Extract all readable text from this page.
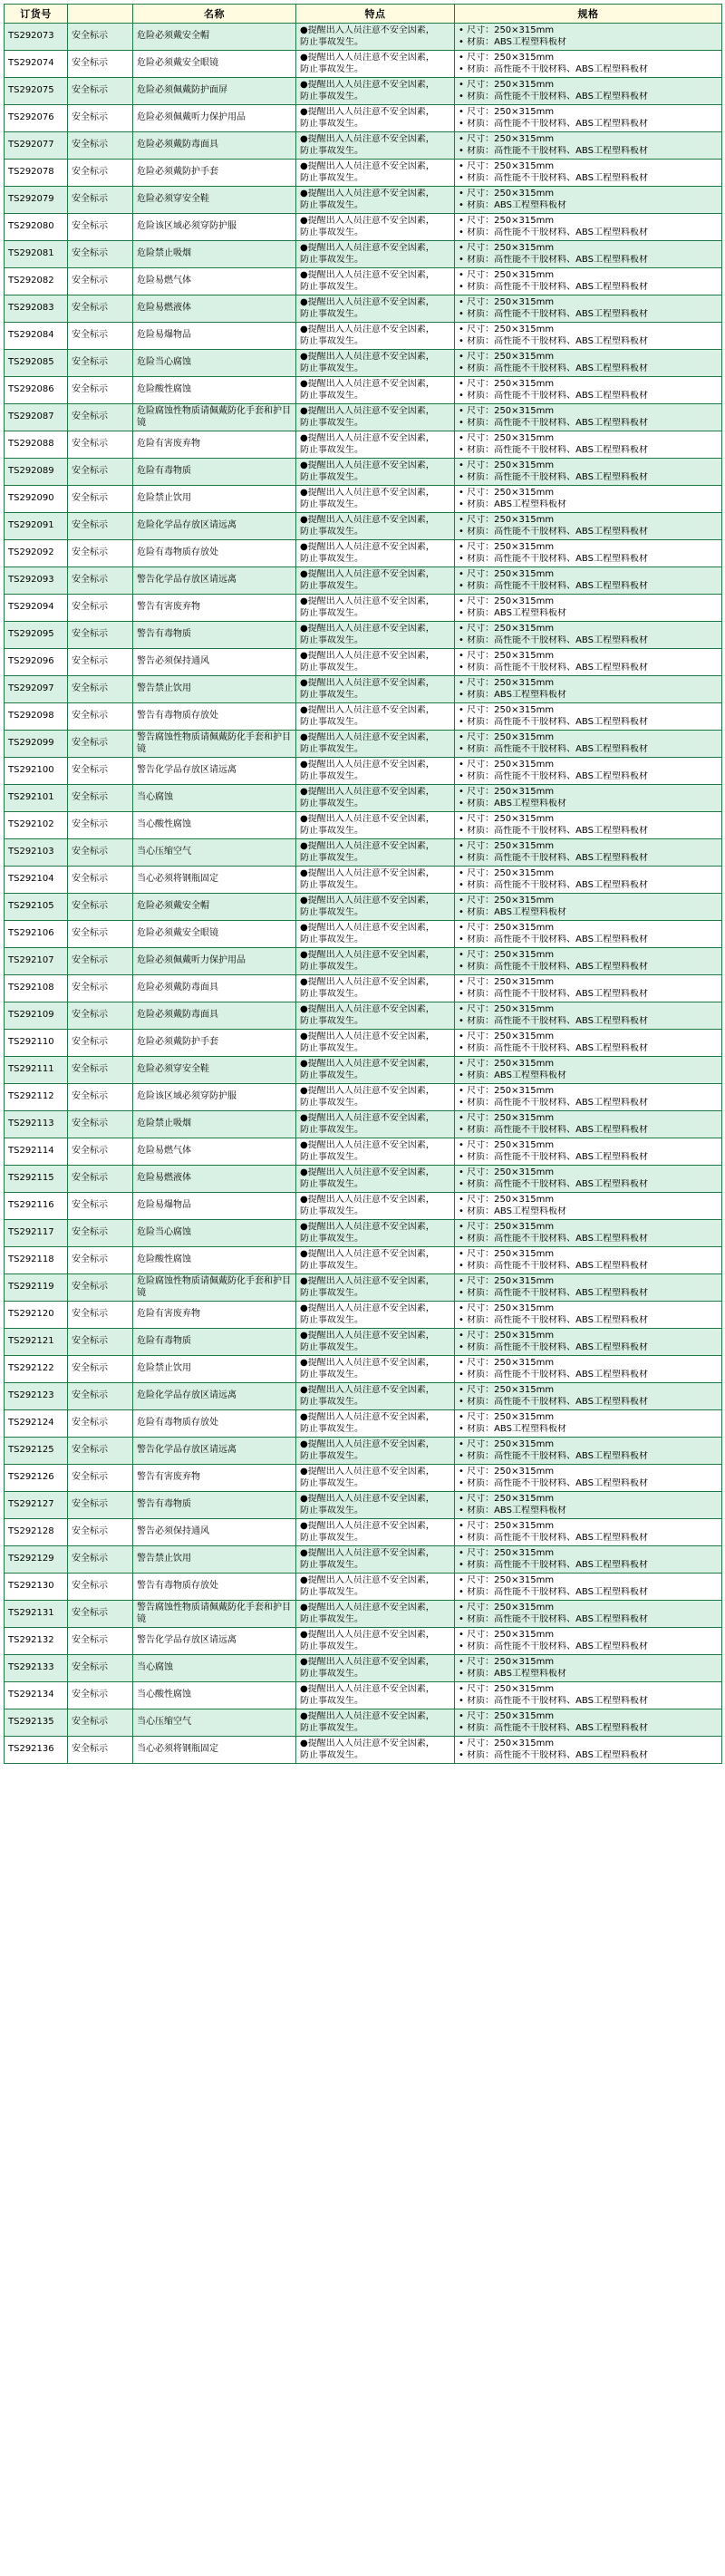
订货号		名称	特点	规格
TS292073	安全标示	危险必须戴安全帽	●提醒出入人员注意不安全因素，
防止事故发生。	• 尺寸：250×315mm
• 材质：ABS工程塑料板材

TS292074	安全标示	危险必须戴安全眼镜	●提醒出入人员注意不安全因素，
防止事故发生。	• 尺寸：250×315mm
• 材质：高性能不干胶材料、ABS工程塑料板材

TS292075	安全标示	危险必须佩戴防护面屏	●提醒出入人员注意不安全因素，
防止事故发生。	• 尺寸：250×315mm
• 材质：高性能不干胶材料、ABS工程塑料板材

TS292076	安全标示	危险必须佩戴听力保护用品	●提醒出入人员注意不安全因素，
防止事故发生。	• 尺寸：250×315mm
• 材质：高性能不干胶材料、ABS工程塑料板材

TS292077	安全标示	危险必须戴防毒面具	●提醒出入人员注意不安全因素，
防止事故发生。	• 尺寸：250×315mm
• 材质：高性能不干胶材料、ABS工程塑料板材

TS292078	安全标示	危险必须戴防护手套	●提醒出入人员注意不安全因素，
防止事故发生。	• 尺寸：250×315mm
• 材质：高性能不干胶材料、ABS工程塑料板材

TS292079	安全标示	危险必须穿安全鞋	●提醒出入人员注意不安全因素，
防止事故发生。	• 尺寸：250×315mm
• 材质：ABS工程塑料板材

TS292080	安全标示	危险该区域必须穿防护服	●提醒出入人员注意不安全因素，
防止事故发生。	• 尺寸：250×315mm
• 材质：高性能不干胶材料、ABS工程塑料板材

TS292081	安全标示	危险禁止吸烟	●提醒出入人员注意不安全因素，
防止事故发生。	• 尺寸：250×315mm
• 材质：高性能不干胶材料、ABS工程塑料板材

TS292082	安全标示	危险易燃气体	●提醒出入人员注意不安全因素，
防止事故发生。	• 尺寸：250×315mm
• 材质：高性能不干胶材料、ABS工程塑料板材

TS292083	安全标示	危险易燃液体	●提醒出入人员注意不安全因素，
防止事故发生。	• 尺寸：250×315mm
• 材质：高性能不干胶材料、ABS工程塑料板材

TS292084	安全标示	危险易爆物品	●提醒出入人员注意不安全因素，
防止事故发生。	• 尺寸：250×315mm
• 材质：高性能不干胶材料、ABS工程塑料板材

TS292085	安全标示	危险当心腐蚀	●提醒出入人员注意不安全因素，
防止事故发生。	• 尺寸：250×315mm
• 材质：高性能不干胶材料、ABS工程塑料板材

TS292086	安全标示	危险酸性腐蚀	●提醒出入人员注意不安全因素，
防止事故发生。	• 尺寸：250×315mm
• 材质：高性能不干胶材料、ABS工程塑料板材

TS292087	安全标示	危险腐蚀性物质请佩戴防化手套和护目镜	●提醒出入人员注意不安全因素，
防止事故发生。	• 尺寸：250×315mm
• 材质：高性能不干胶材料、ABS工程塑料板材

TS292088	安全标示	危险有害废弃物	●提醒出入人员注意不安全因素，
防止事故发生。	• 尺寸：250×315mm
• 材质：高性能不干胶材料、ABS工程塑料板材

TS292089	安全标示	危险有毒物质	●提醒出入人员注意不安全因素，
防止事故发生。	• 尺寸：250×315mm
• 材质：高性能不干胶材料、ABS工程塑料板材

TS292090	安全标示	危险禁止饮用	●提醒出入人员注意不安全因素，
防止事故发生。	• 尺寸：250×315mm
• 材质：ABS工程塑料板材

TS292091	安全标示	危险化学品存放区请远离	●提醒出入人员注意不安全因素，
防止事故发生。	• 尺寸：250×315mm
• 材质：高性能不干胶材料、ABS工程塑料板材

TS292092	安全标示	危险有毒物质存放处	●提醒出入人员注意不安全因素，
防止事故发生。	• 尺寸：250×315mm
• 材质：高性能不干胶材料、ABS工程塑料板材

TS292093	安全标示	警告化学品存放区请远离	●提醒出入人员注意不安全因素，
防止事故发生。	• 尺寸：250×315mm
• 材质：高性能不干胶材料、ABS工程塑料板材

TS292094	安全标示	警告有害废弃物	●提醒出入人员注意不安全因素，
防止事故发生。	• 尺寸：250×315mm
• 材质：ABS工程塑料板材

TS292095	安全标示	警告有毒物质	●提醒出入人员注意不安全因素，
防止事故发生。	• 尺寸：250×315mm
• 材质：高性能不干胶材料、ABS工程塑料板材

TS292096	安全标示	警告必须保持通风	●提醒出入人员注意不安全因素，
防止事故发生。	• 尺寸：250×315mm
• 材质：高性能不干胶材料、ABS工程塑料板材

TS292097	安全标示	警告禁止饮用	●提醒出入人员注意不安全因素，
防止事故发生。	• 尺寸：250×315mm
• 材质：ABS工程塑料板材

TS292098	安全标示	警告有毒物质存放处	●提醒出入人员注意不安全因素，
防止事故发生。	• 尺寸：250×315mm
• 材质：高性能不干胶材料、ABS工程塑料板材

TS292099	安全标示	警告腐蚀性物质请佩戴防化手套和护目镜	●提醒出入人员注意不安全因素，
防止事故发生。	• 尺寸：250×315mm
• 材质：高性能不干胶材料、ABS工程塑料板材

TS292100	安全标示	警告化学品存放区请远离	●提醒出入人员注意不安全因素，
防止事故发生。	• 尺寸：250×315mm
• 材质：高性能不干胶材料、ABS工程塑料板材

TS292101	安全标示	当心腐蚀	●提醒出入人员注意不安全因素，
防止事故发生。	• 尺寸：250×315mm
• 材质：ABS工程塑料板材

TS292102	安全标示	当心酸性腐蚀	●提醒出入人员注意不安全因素，
防止事故发生。	• 尺寸：250×315mm
• 材质：高性能不干胶材料、ABS工程塑料板材

TS292103	安全标示	当心压缩空气	●提醒出入人员注意不安全因素，
防止事故发生。	• 尺寸：250×315mm
• 材质：高性能不干胶材料、ABS工程塑料板材

TS292104	安全标示	当心必须将钢瓶固定	●提醒出入人员注意不安全因素，
防止事故发生。	• 尺寸：250×315mm
• 材质：高性能不干胶材料、ABS工程塑料板材

TS292105	安全标示	危险必须戴安全帽	●提醒出入人员注意不安全因素，
防止事故发生。	• 尺寸：250×315mm
• 材质：ABS工程塑料板材

TS292106	安全标示	危险必须戴安全眼镜	●提醒出入人员注意不安全因素，
防止事故发生。	• 尺寸：250×315mm
• 材质：高性能不干胶材料、ABS工程塑料板材

TS292107	安全标示	危险必须佩戴听力保护用品	●提醒出入人员注意不安全因素，
防止事故发生。	• 尺寸：250×315mm
• 材质：高性能不干胶材料、ABS工程塑料板材

TS292108	安全标示	危险必须戴防毒面具	●提醒出入人员注意不安全因素，
防止事故发生。	• 尺寸：250×315mm
• 材质：高性能不干胶材料、ABS工程塑料板材

TS292109	安全标示	危险必须戴防毒面具	●提醒出入人员注意不安全因素，
防止事故发生。	• 尺寸：250×315mm
• 材质：高性能不干胶材料、ABS工程塑料板材

TS292110	安全标示	危险必须戴防护手套	●提醒出入人员注意不安全因素，
防止事故发生。	• 尺寸：250×315mm
• 材质：高性能不干胶材料、ABS工程塑料板材

TS292111	安全标示	危险必须穿安全鞋	●提醒出入人员注意不安全因素，
防止事故发生。	• 尺寸：250×315mm
• 材质：ABS工程塑料板材

TS292112	安全标示	危险该区域必须穿防护服	●提醒出入人员注意不安全因素，
防止事故发生。	• 尺寸：250×315mm
• 材质：高性能不干胶材料、ABS工程塑料板材

TS292113	安全标示	危险禁止吸烟	●提醒出入人员注意不安全因素，
防止事故发生。	• 尺寸：250×315mm
• 材质：高性能不干胶材料、ABS工程塑料板材

TS292114	安全标示	危险易燃气体	●提醒出入人员注意不安全因素，
防止事故发生。	• 尺寸：250×315mm
• 材质：高性能不干胶材料、ABS工程塑料板材

TS292115	安全标示	危险易燃液体	●提醒出入人员注意不安全因素，
防止事故发生。	• 尺寸：250×315mm
• 材质：高性能不干胶材料、ABS工程塑料板材

TS292116	安全标示	危险易爆物品	●提醒出入人员注意不安全因素，
防止事故发生。	• 尺寸：250×315mm
• 材质：ABS工程塑料板材

TS292117	安全标示	危险当心腐蚀	●提醒出入人员注意不安全因素，
防止事故发生。	• 尺寸：250×315mm
• 材质：高性能不干胶材料、ABS工程塑料板材

TS292118	安全标示	危险酸性腐蚀	●提醒出入人员注意不安全因素，
防止事故发生。	• 尺寸：250×315mm
• 材质：高性能不干胶材料、ABS工程塑料板材

TS292119	安全标示	危险腐蚀性物质请佩戴防化手套和护目镜	●提醒出入人员注意不安全因素，
防止事故发生。	• 尺寸：250×315mm
• 材质：高性能不干胶材料、ABS工程塑料板材

TS292120	安全标示	危险有害废弃物	●提醒出入人员注意不安全因素，
防止事故发生。	• 尺寸：250×315mm
• 材质：高性能不干胶材料、ABS工程塑料板材

TS292121	安全标示	危险有毒物质	●提醒出入人员注意不安全因素，
防止事故发生。	• 尺寸：250×315mm
• 材质：高性能不干胶材料、ABS工程塑料板材

TS292122	安全标示	危险禁止饮用	●提醒出入人员注意不安全因素，
防止事故发生。	• 尺寸：250×315mm
• 材质：高性能不干胶材料、ABS工程塑料板材

TS292123	安全标示	危险化学品存放区请远离	●提醒出入人员注意不安全因素，
防止事故发生。	• 尺寸：250×315mm
• 材质：高性能不干胶材料、ABS工程塑料板材

TS292124	安全标示	危险有毒物质存放处	●提醒出入人员注意不安全因素，
防止事故发生。	• 尺寸：250×315mm
• 材质：ABS工程塑料板材

TS292125	安全标示	警告化学品存放区请远离	●提醒出入人员注意不安全因素，
防止事故发生。	• 尺寸：250×315mm
• 材质：高性能不干胶材料、ABS工程塑料板材

TS292126	安全标示	警告有害废弃物	●提醒出入人员注意不安全因素，
防止事故发生。	• 尺寸：250×315mm
• 材质：高性能不干胶材料、ABS工程塑料板材

TS292127	安全标示	警告有毒物质	●提醒出入人员注意不安全因素，
防止事故发生。	• 尺寸：250×315mm
• 材质：ABS工程塑料板材

TS292128	安全标示	警告必须保持通风	●提醒出入人员注意不安全因素，
防止事故发生。	• 尺寸：250×315mm
• 材质：高性能不干胶材料、ABS工程塑料板材

TS292129	安全标示	警告禁止饮用	●提醒出入人员注意不安全因素，
防止事故发生。	• 尺寸：250×315mm
• 材质：高性能不干胶材料、ABS工程塑料板材

TS292130	安全标示	警告有毒物质存放处	●提醒出入人员注意不安全因素，
防止事故发生。	• 尺寸：250×315mm
• 材质：高性能不干胶材料、ABS工程塑料板材

TS292131	安全标示	警告腐蚀性物质请佩戴防化手套和护目镜	●提醒出入人员注意不安全因素，
防止事故发生。	• 尺寸：250×315mm
• 材质：高性能不干胶材料、ABS工程塑料板材

TS292132	安全标示	警告化学品存放区请远离	●提醒出入人员注意不安全因素，
防止事故发生。	• 尺寸：250×315mm
• 材质：高性能不干胶材料、ABS工程塑料板材

TS292133	安全标示	当心腐蚀	●提醒出入人员注意不安全因素，
防止事故发生。	• 尺寸：250×315mm
• 材质：ABS工程塑料板材

TS292134	安全标示	当心酸性腐蚀	●提醒出入人员注意不安全因素，
防止事故发生。	• 尺寸：250×315mm
• 材质：高性能不干胶材料、ABS工程塑料板材

TS292135	安全标示	当心压缩空气	●提醒出入人员注意不安全因素，
防止事故发生。	• 尺寸：250×315mm
• 材质：高性能不干胶材料、ABS工程塑料板材

TS292136	安全标示	当心必须将钢瓶固定	●提醒出入人员注意不安全因素，
防止事故发生。	• 尺寸：250×315mm
• 材质：高性能不干胶材料、ABS工程塑料板材
